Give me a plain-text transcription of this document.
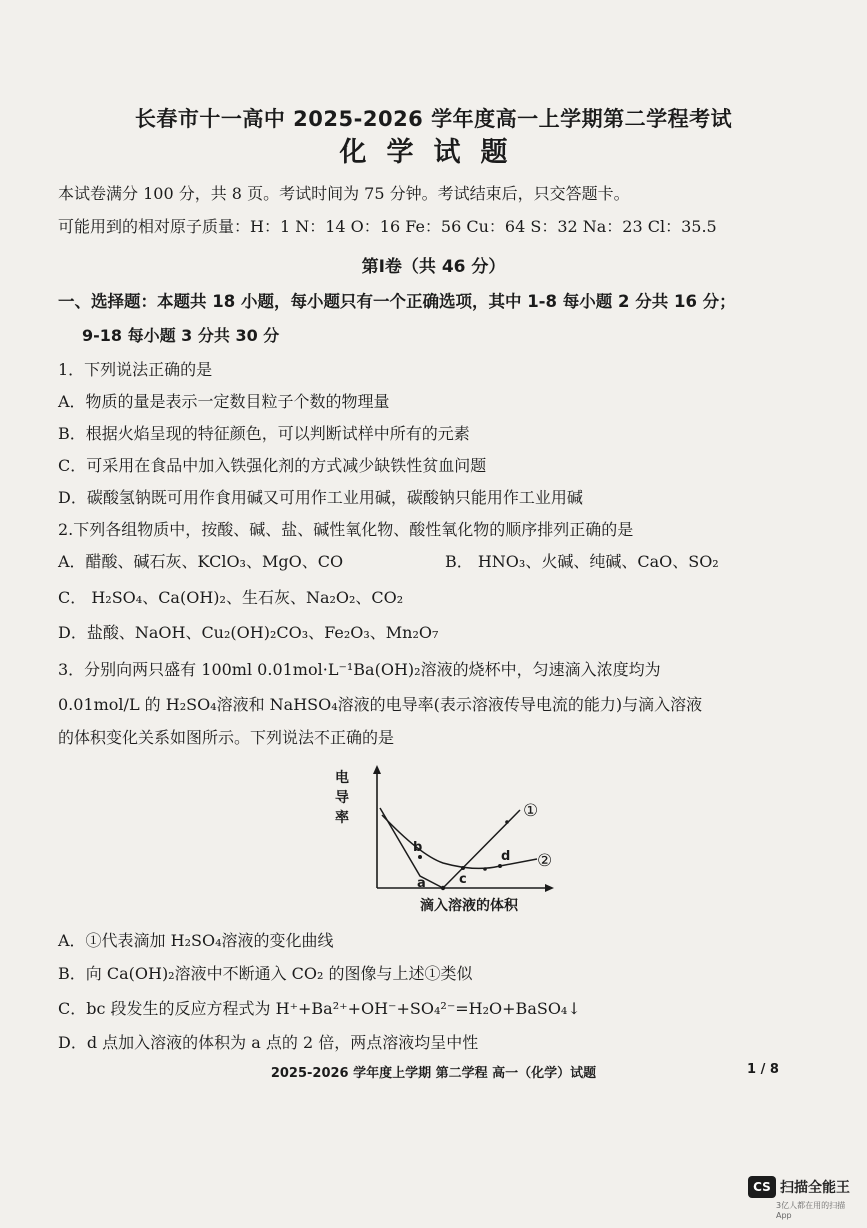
长春市十一高中 2025-2026 学年度高一上学期第二学程考试
化学试题
本试卷满分 100 分，共 8 页。考试时间为 75 分钟。考试结束后，只交答题卡。
可能用到的相对原子质量：H：1 N：14 O：16 Fe：56 Cu：64 S：32 Na：23 Cl：35.5
第Ⅰ卷（共 46 分）
一、选择题：本题共 18 小题，每小题只有一个正确选项，其中 1-8 每小题 2 分共 16 分；
9-18 每小题 3 分共 30 分
1．下列说法正确的是
A．物质的量是表示一定数目粒子个数的物理量
B．根据火焰呈现的特征颜色，可以判断试样中所有的元素
C．可采用在食品中加入铁强化剂的方式减少缺铁性贫血问题
D．碳酸氢钠既可用作食用碱又可用作工业用碱，碳酸钠只能用作工业用碱
2.下列各组物质中，按酸、碱、盐、碱性氧化物、酸性氧化物的顺序排列正确的是
A．醋酸、碱石灰、KClO₃、MgO、CO	B． HNO₃、火碱、纯碱、CaO、SO₂
C． H₂SO₄、Ca(OH)₂、生石灰、Na₂O₂、CO₂
D．盐酸、NaOH、Cu₂(OH)₂CO₃、Fe₂O₃、Mn₂O₇
3．分别向两只盛有 100ml 0.01mol·L⁻¹Ba(OH)₂溶液的烧杯中，匀速滴入浓度均为
0.01mol/L 的 H₂SO₄溶液和 NaHSO₄溶液的电导率(表示溶液传导电流的能力)与滴入溶液
的体积变化关系如图所示。下列说法不正确的是
电
导
率
a
b
c
d
①
②
滴入溶液的体积
A．①代表滴加 H₂SO₄溶液的变化曲线
B．向 Ca(OH)₂溶液中不断通入 CO₂ 的图像与上述①类似
C．bc 段发生的反应方程式为 H⁺+Ba²⁺+OH⁻+SO₄²⁻=H₂O+BaSO₄↓
D．d 点加入溶液的体积为 a 点的 2 倍，两点溶液均呈中性
2025-2026 学年度上学期 第二学程 高一（化学）试题	1 / 8
CS 扫描全能王
3亿人都在用的扫描App
